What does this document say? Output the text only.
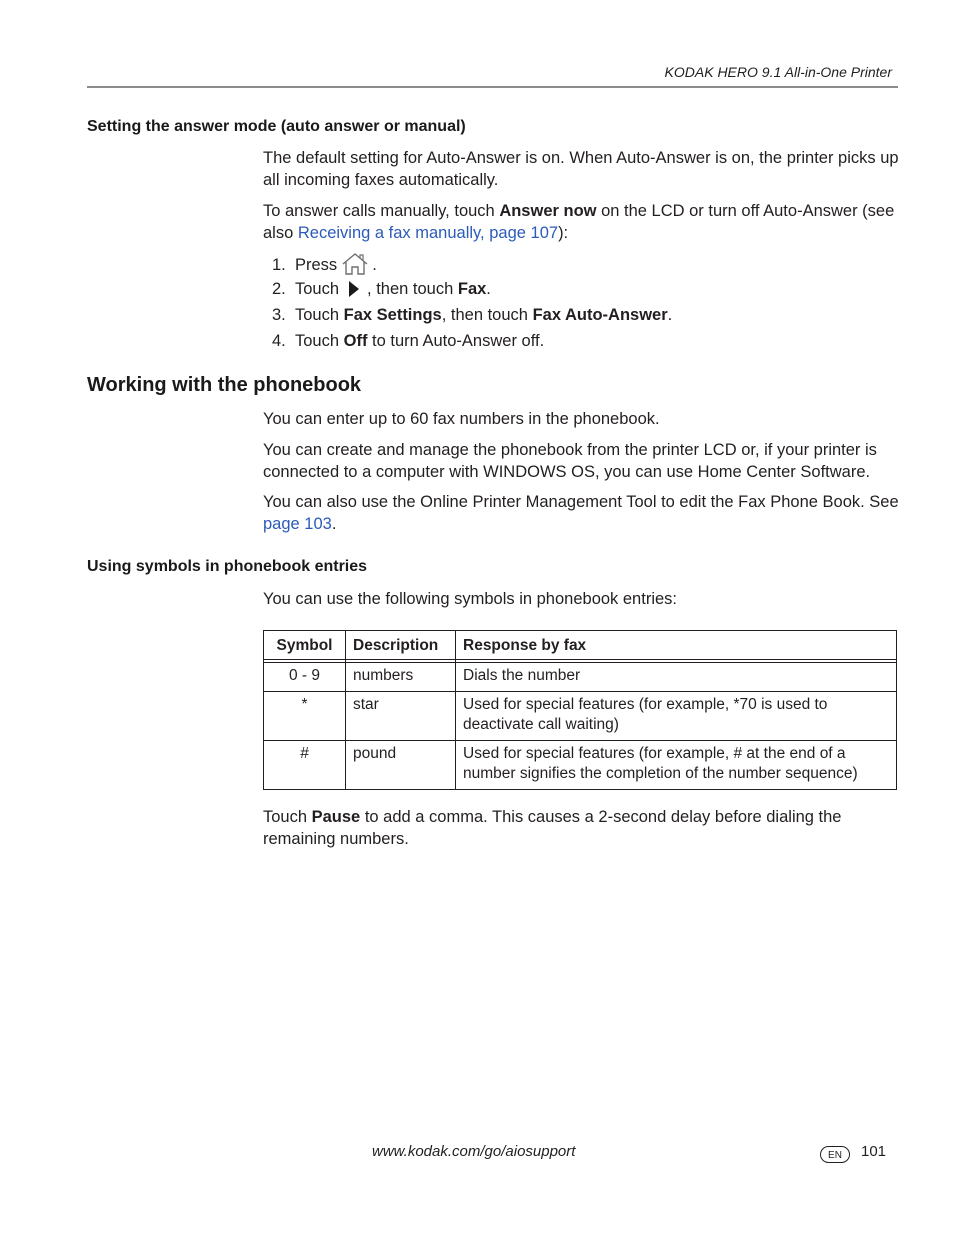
KODAK HERO 9.1 All-in-One Printer
Setting the answer mode (auto answer or manual)

The default setting for Auto-Answer is on. When Auto-Answer is on, the printer picks up all incoming faxes automatically.

To answer calls manually, touch Answer now on the LCD or turn off Auto-Answer (see also Receiving a fax manually, page 107):

1. Press .
2. Touch , then touch Fax.
3. Touch Fax Settings, then touch Fax Auto-Answer.
4. Touch Off to turn Auto-Answer off.
Working with the phonebook

You can enter up to 60 fax numbers in the phonebook.

You can create and manage the phonebook from the printer LCD or, if your printer is connected to a computer with WINDOWS OS, you can use Home Center Software.

You can also use the Online Printer Management Tool to edit the Fax Phone Book. See page 103.

Using symbols in phonebook entries

You can use the following symbols in phonebook entries:

Symbol	Description	Response by fax

0 - 9	numbers	Dials the number
*	star	Used for special features (for example, *70 is used to deactivate call waiting)
#	pound	Used for special features (for example, # at the end of a number signifies the completion of the number sequence)

Touch Pause to add a comma. This causes a 2-second delay before dialing the remaining numbers.

www.kodak.com/go/aiosupport	EN	101
